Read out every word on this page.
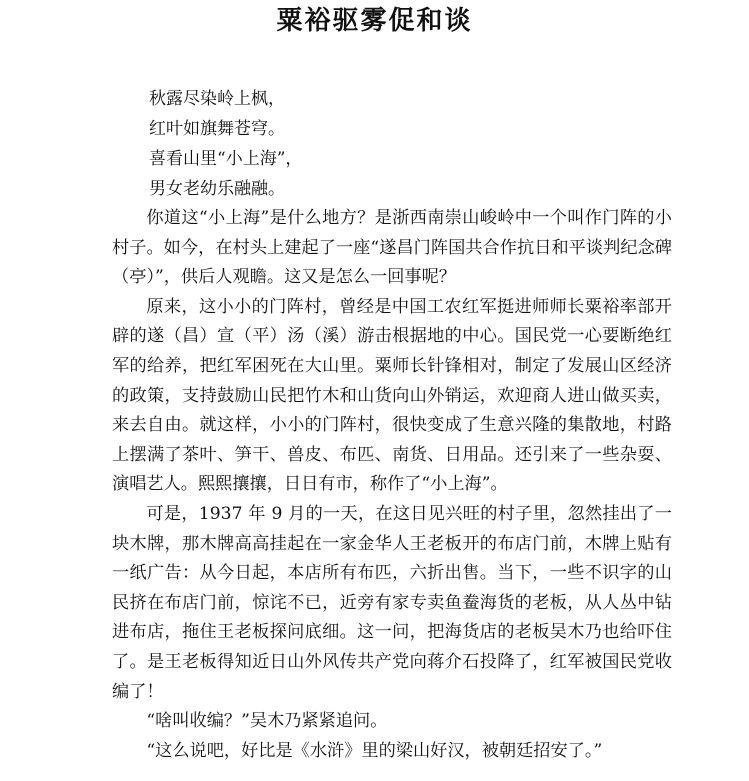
粟裕驱雾促和谈
秋露尽染岭上枫，
红叶如旗舞苍穹。
喜看山里“小上海”，
男女老幼乐融融。

你道这“小上海”是什么地方？是浙西南崇山峻岭中一个叫作门阵的小村子。如今，在村头上建起了一座“遂昌门阵国共合作抗日和平谈判纪念碑（亭）”，供后人观瞻。这又是怎么一回事呢？

原来，这小小的门阵村，曾经是中国工农红军挺进师师长粟裕率部开辟的遂（昌）宣（平）汤（溪）游击根据地的中心。国民党一心要断绝红军的给养，把红军困死在大山里。粟师长针锋相对，制定了发展山区经济的政策，支持鼓励山民把竹木和山货向山外销运，欢迎商人进山做买卖，来去自由。就这样，小小的门阵村，很快变成了生意兴隆的集散地，村路上摆满了茶叶、笋干、兽皮、布匹、南货、日用品。还引来了一些杂耍、演唱艺人。熙熙攘攘，日日有市，称作了“小上海”。

可是，1937 年 9 月的一天，在这日见兴旺的村子里，忽然挂出了一块木牌，那木牌高高挂起在一家金华人王老板开的布店门前，木牌上贴有一纸广告：从今日起，本店所有布匹，六折出售。当下，一些不识字的山民挤在布店门前，惊诧不已，近旁有家专卖鱼鲞海货的老板，从人丛中钻进布店，拖住王老板探问底细。这一问，把海货店的老板吴木乃也给吓住了。是王老板得知近日山外风传共产党向蒋介石投降了，红军被国民党收编了！

“啥叫收编？”吴木乃紧紧追问。

“这么说吧，好比是《水浒》里的梁山好汉，被朝廷招安了。”
